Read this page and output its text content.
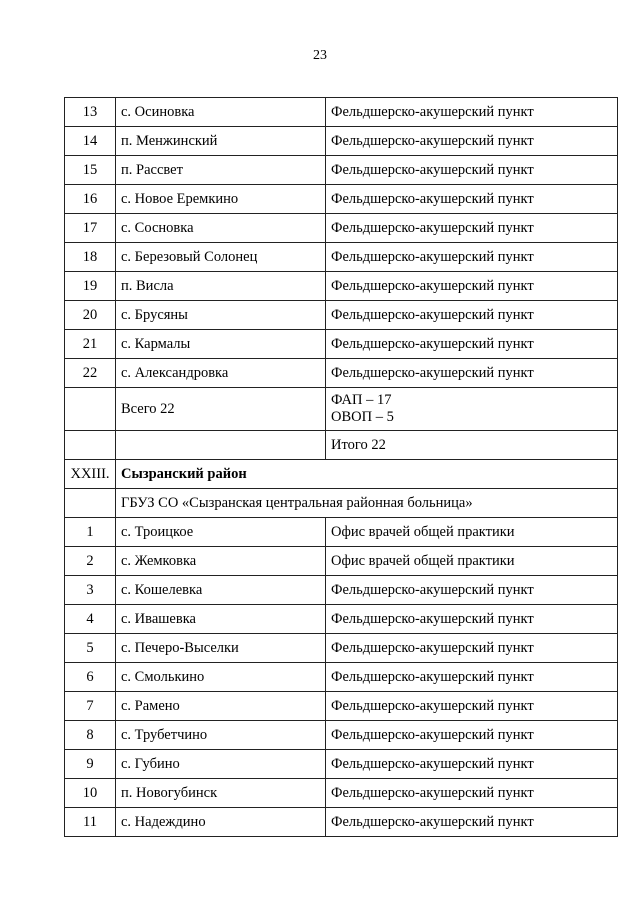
23
13	с. Осиновка	Фельдшерско-акушерский пункт
14	п. Менжинский	Фельдшерско-акушерский пункт
15	п. Рассвет	Фельдшерско-акушерский пункт
16	с. Новое Еремкино	Фельдшерско-акушерский пункт
17	с. Сосновка	Фельдшерско-акушерский пункт
18	с. Березовый Солонец	Фельдшерско-акушерский пункт
19	п. Висла	Фельдшерско-акушерский пункт
20	с. Брусяны	Фельдшерско-акушерский пункт
21	с. Кармалы	Фельдшерско-акушерский пункт
22	с. Александровка	Фельдшерско-акушерский пункт
	Всего 22	ФАП – 17
ОВОП – 5

		Итого 22
XXIII.	Сызранский район	
	ГБУЗ СО «Сызранская центральная районная больница»	
1	с. Троицкое	Офис врачей общей практики
2	с. Жемковка	Офис врачей общей практики
3	с. Кошелевка	Фельдшерско-акушерский пункт
4	с. Ивашевка	Фельдшерско-акушерский пункт
5	с. Печеро-Выселки	Фельдшерско-акушерский пункт
6	с. Смолькино	Фельдшерско-акушерский пункт
7	с. Рамено	Фельдшерско-акушерский пункт
8	с. Трубетчино	Фельдшерско-акушерский пункт
9	с. Губино	Фельдшерско-акушерский пункт
10	п. Новогубинск	Фельдшерско-акушерский пункт
11	с. Надеждино	Фельдшерско-акушерский пункт
